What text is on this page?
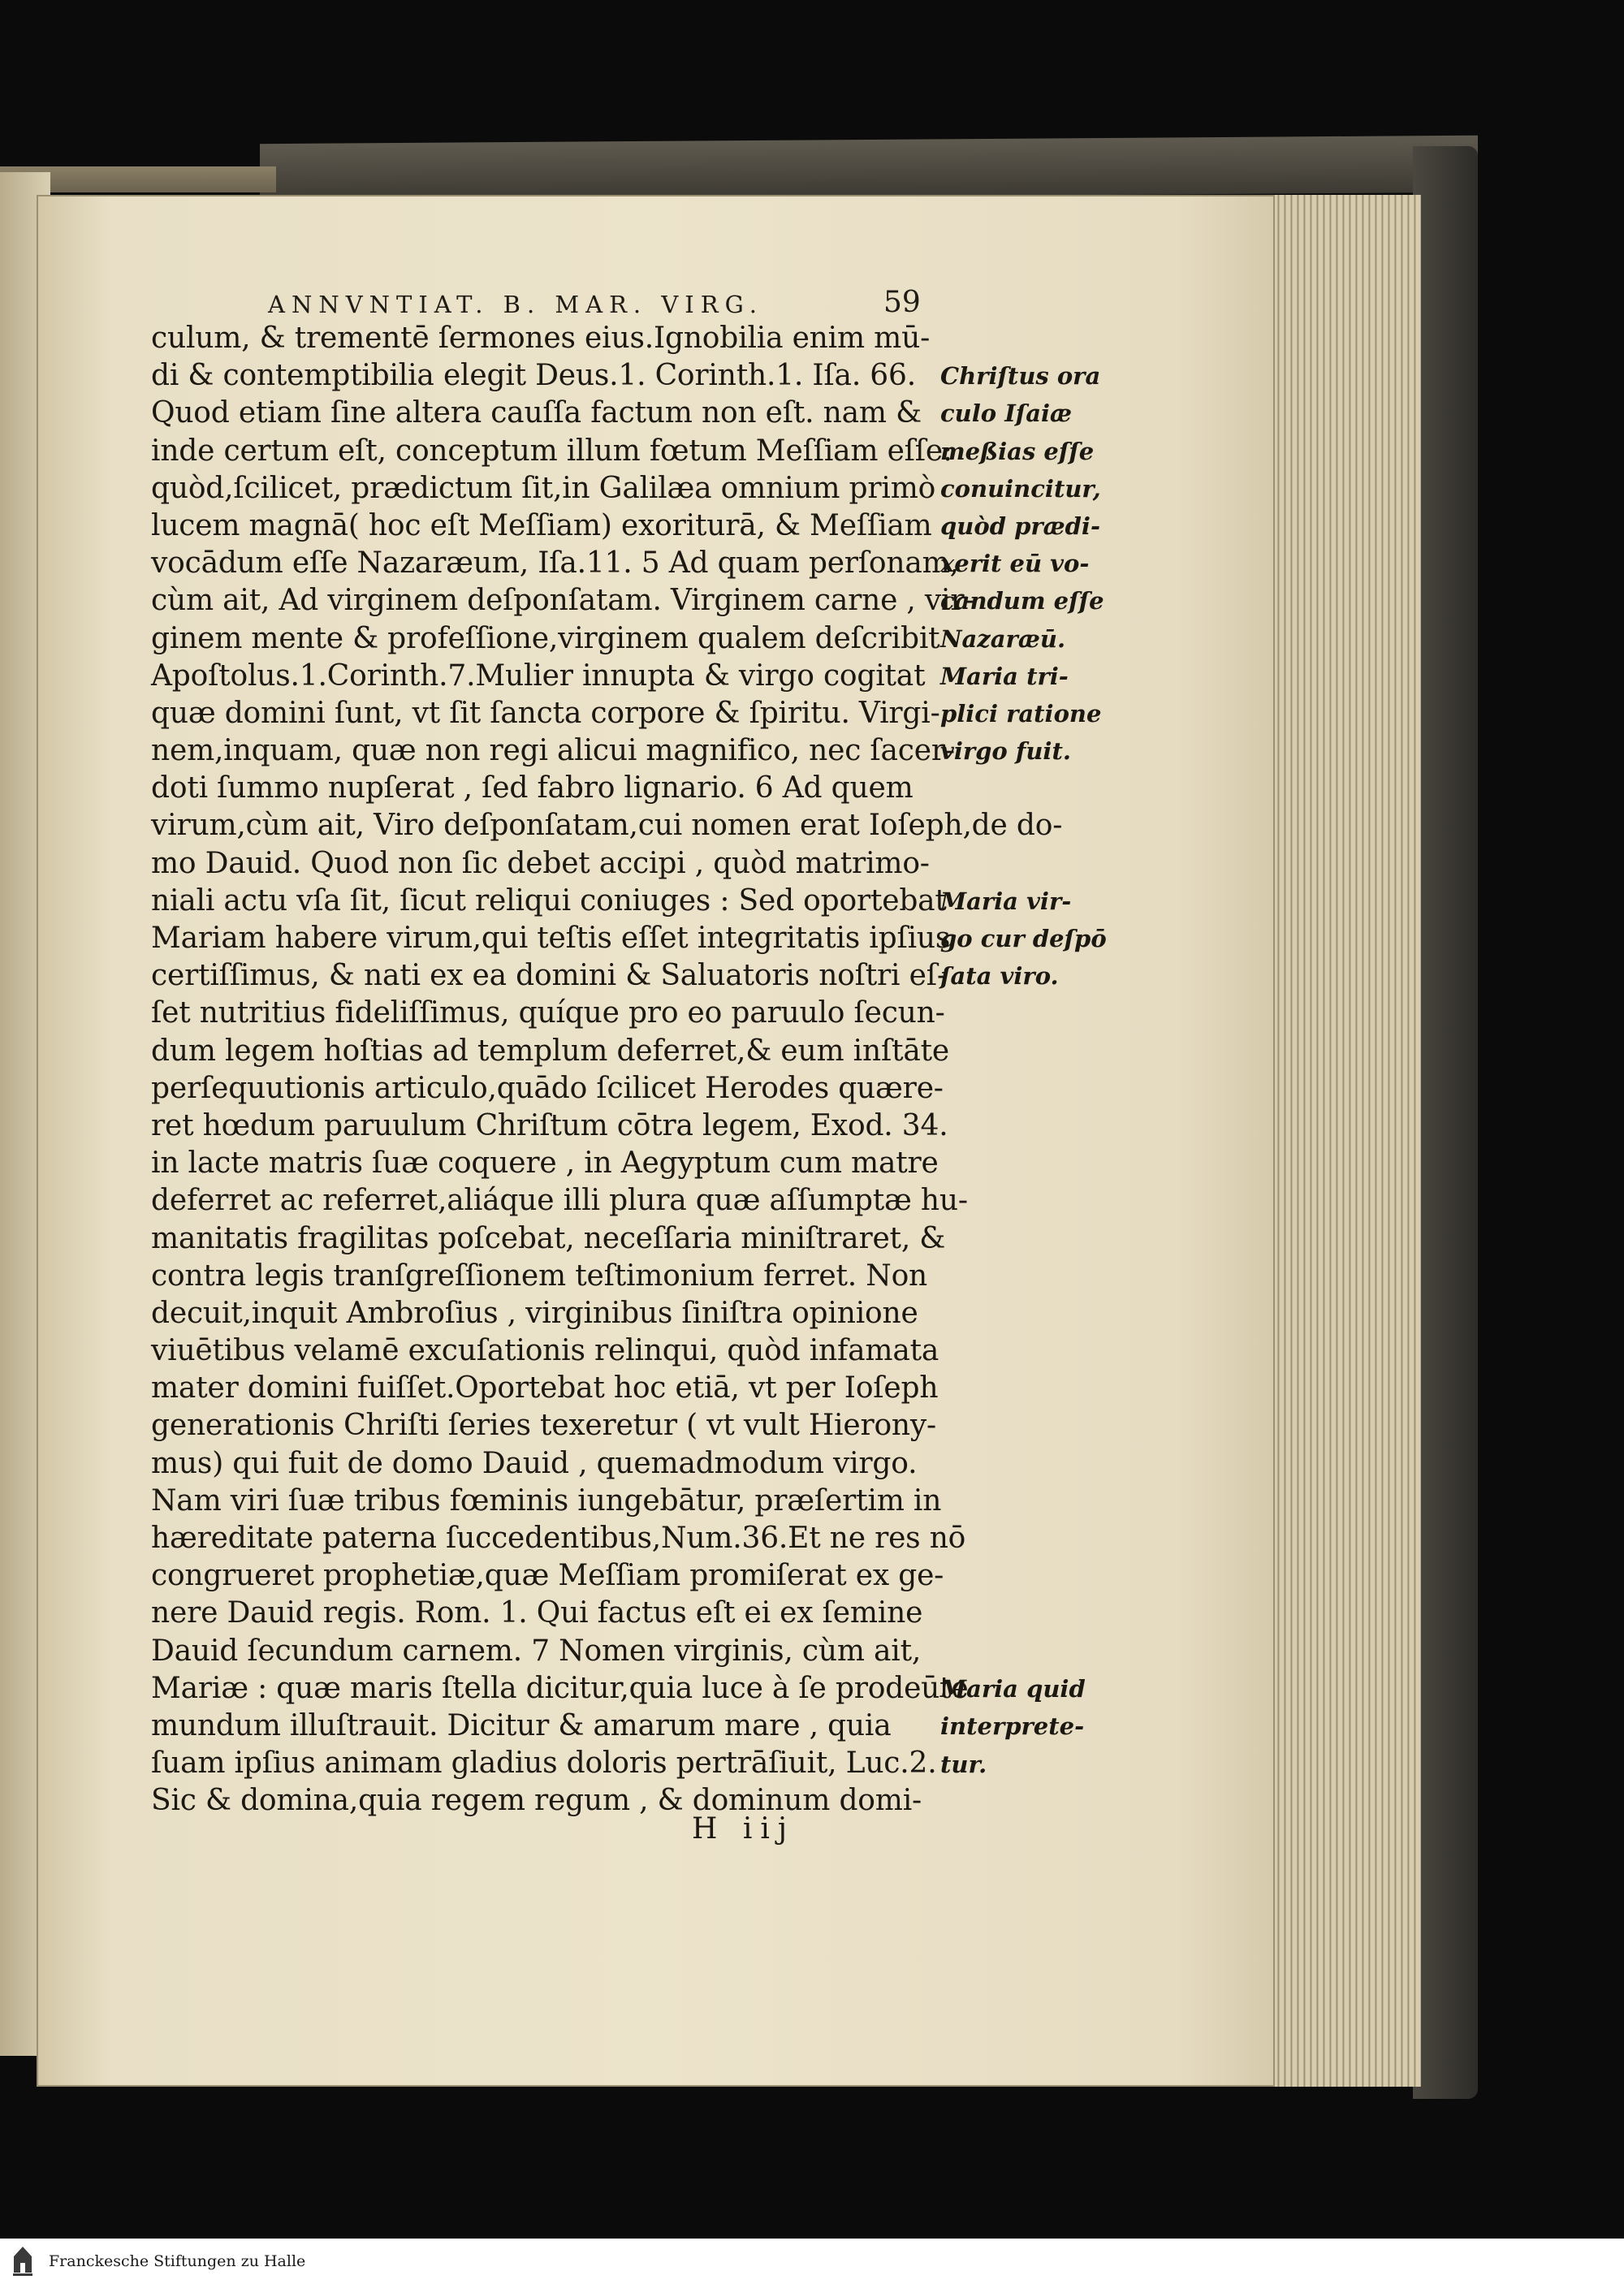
ANNVNTIAT. B. MAR. VIRG.	59
culum, & trementē ſermones eius.Ignobilia enim mū-
di & contemptibilia elegit Deus.1. Corinth.1. Iſa. 66.
Quod etiam ſine altera cauſſa factum non eſt. nam &
inde certum eſt, conceptum illum fœtum Meſſiam eſſe:
quòd,ſcilicet, prædictum ſit,in Galilæa omnium primò
lucem magnā( hoc eſt Meſſiam) exoriturā, & Meſſiam
vocādum eſſe Nazaræum, Iſa.11. 5 Ad quam perſonam,
cùm ait, Ad virginem deſponſatam. Virginem carne , vir-
ginem mente & profeſſione,virginem qualem deſcribit
Apoſtolus.1.Corinth.7.Mulier innupta & virgo cogitat
quæ domini ſunt, vt ſit ſancta corpore & ſpiritu. Virgi-
nem,inquam, quæ non regi alicui magnifico, nec ſacer-
doti ſummo nupſerat , ſed fabro lignario. 6 Ad quem
virum,cùm ait, Viro deſponſatam,cui nomen erat Ioſeph,de do-
mo Dauid. Quod non ſic debet accipi , quòd matrimo-
niali actu vſa ſit, ſicut reliqui coniuges : Sed oportebat
Mariam habere virum,qui teſtis eſſet integritatis ipſius
certiſſimus, & nati ex ea domini & Saluatoris noſtri eſ-
ſet nutritius fideliſſimus, quíque pro eo paruulo ſecun-
dum legem hoſtias ad templum deferret,& eum inſtāte
perſequutionis articulo,quādo ſcilicet Herodes quære-
ret hœdum paruulum Chriſtum cōtra legem, Exod. 34.
in lacte matris ſuæ coquere , in Aegyptum cum matre
deferret ac referret,aliáque illi plura quæ aſſumptæ hu-
manitatis fragilitas poſcebat, neceſſaria miniſtraret, &
contra legis tranſgreſſionem teſtimonium ferret. Non
decuit,inquit Ambroſius , virginibus ſiniſtra opinione
viuētibus velamē excuſationis relinqui, quòd infamata
mater domini fuiſſet.Oportebat hoc etiā, vt per Ioſeph
generationis Chriſti ſeries texeretur ( vt vult Hierony-
mus) qui fuit de domo Dauid , quemadmodum virgo.
Nam viri ſuæ tribus fœminis iungebātur, præſertim in
hæreditate paterna ſuccedentibus,Num.36.Et ne res nō
congrueret prophetiæ,quæ Meſſiam promiſerat ex ge-
nere Dauid regis. Rom. 1. Qui factus eſt ei ex ſemine
Dauid ſecundum carnem. 7 Nomen virginis, cùm ait,
Mariæ : quæ maris ſtella dicitur,quia luce à ſe prodeūte
mundum illuſtrauit. Dicitur & amarum mare , quia
ſuam ipſius animam gladius doloris pertrāſiuit, Luc.2.
Sic & domina,quia regem regum , & dominum domi-
Chriſtus ora
culo Iſaiæ
meßias eſſe
conuincitur,
quòd prædi-
xerit eū vo-
candum eſſe
Nazaræū.
Maria tri-
plici ratione
virgo fuit.
Maria vir-
go cur deſpō
ſata viro.
Maria quid
interprete-
tur.
H iij
Franckesche Stiftungen zu Halle
